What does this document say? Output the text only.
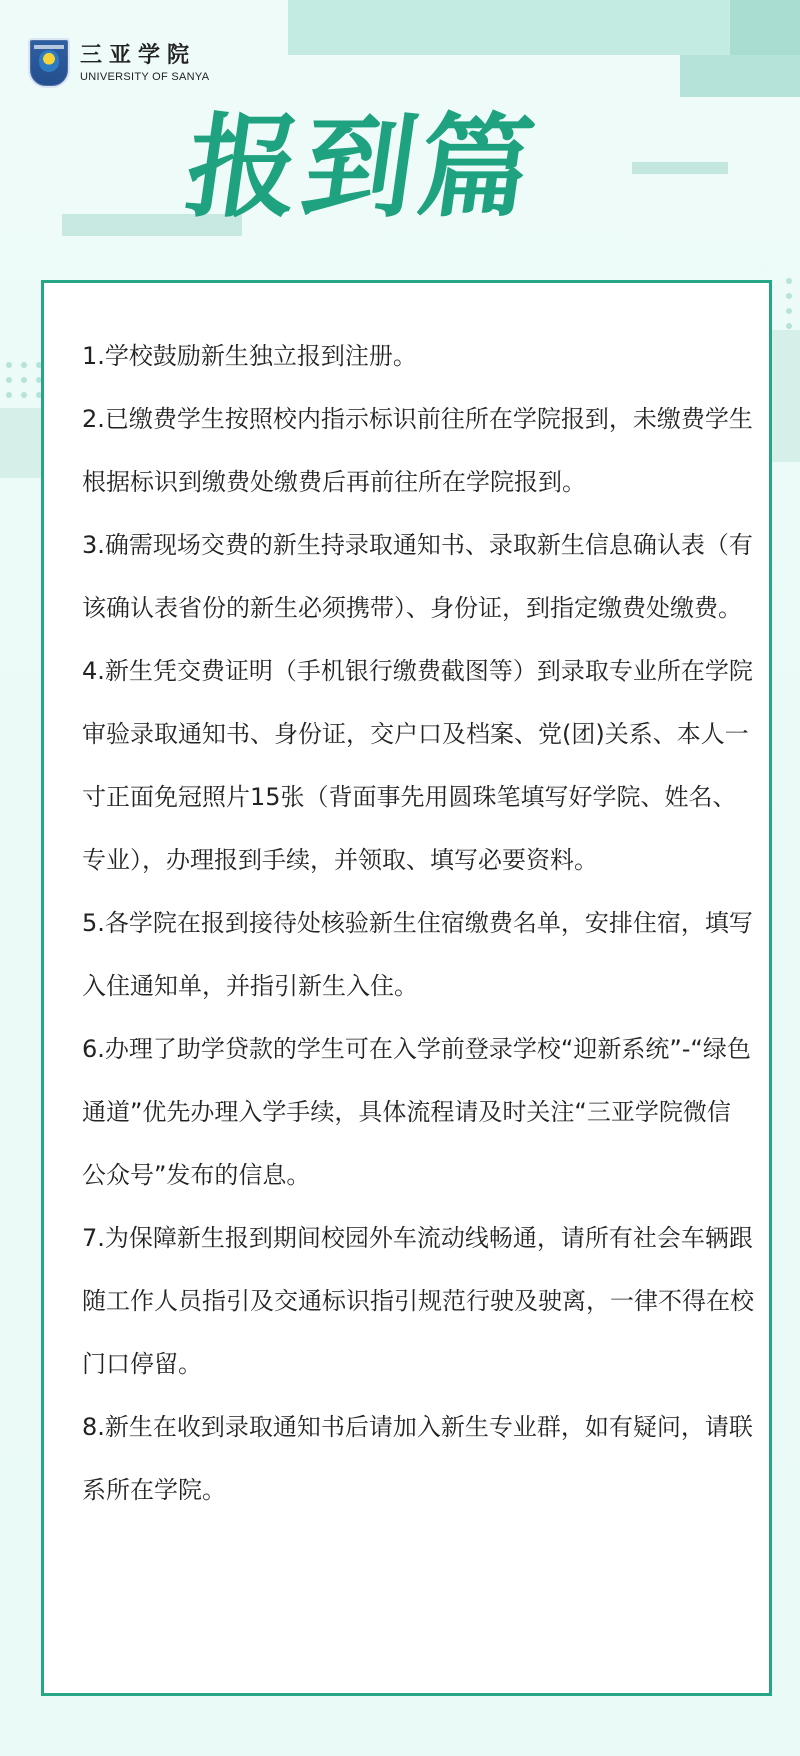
三亚学院
UNIVERSITY OF SANYA
报到篇

1.学校鼓励新生独立报到注册。

2.已缴费学生按照校内指示标识前往所在学院报到，未缴费学生根据标识到缴费处缴费后再前往所在学院报到。

3.确需现场交费的新生持录取通知书、录取新生信息确认表（有该确认表省份的新生必须携带）、身份证，到指定缴费处缴费。

4.新生凭交费证明（手机银行缴费截图等）到录取专业所在学院审验录取通知书、身份证，交户口及档案、党(团)关系、本人一寸正面免冠照片15张（背面事先用圆珠笔填写好学院、姓名、专业），办理报到手续，并领取、填写必要资料。

5.各学院在报到接待处核验新生住宿缴费名单，安排住宿，填写入住通知单，并指引新生入住。

6.办理了助学贷款的学生可在入学前登录学校“迎新系统”-“绿色通道”优先办理入学手续，具体流程请及时关注“三亚学院微信公众号”发布的信息。

7.为保障新生报到期间校园外车流动线畅通，请所有社会车辆跟随工作人员指引及交通标识指引规范行驶及驶离，一律不得在校门口停留。

8.新生在收到录取通知书后请加入新生专业群，如有疑问，请联系所在学院。
